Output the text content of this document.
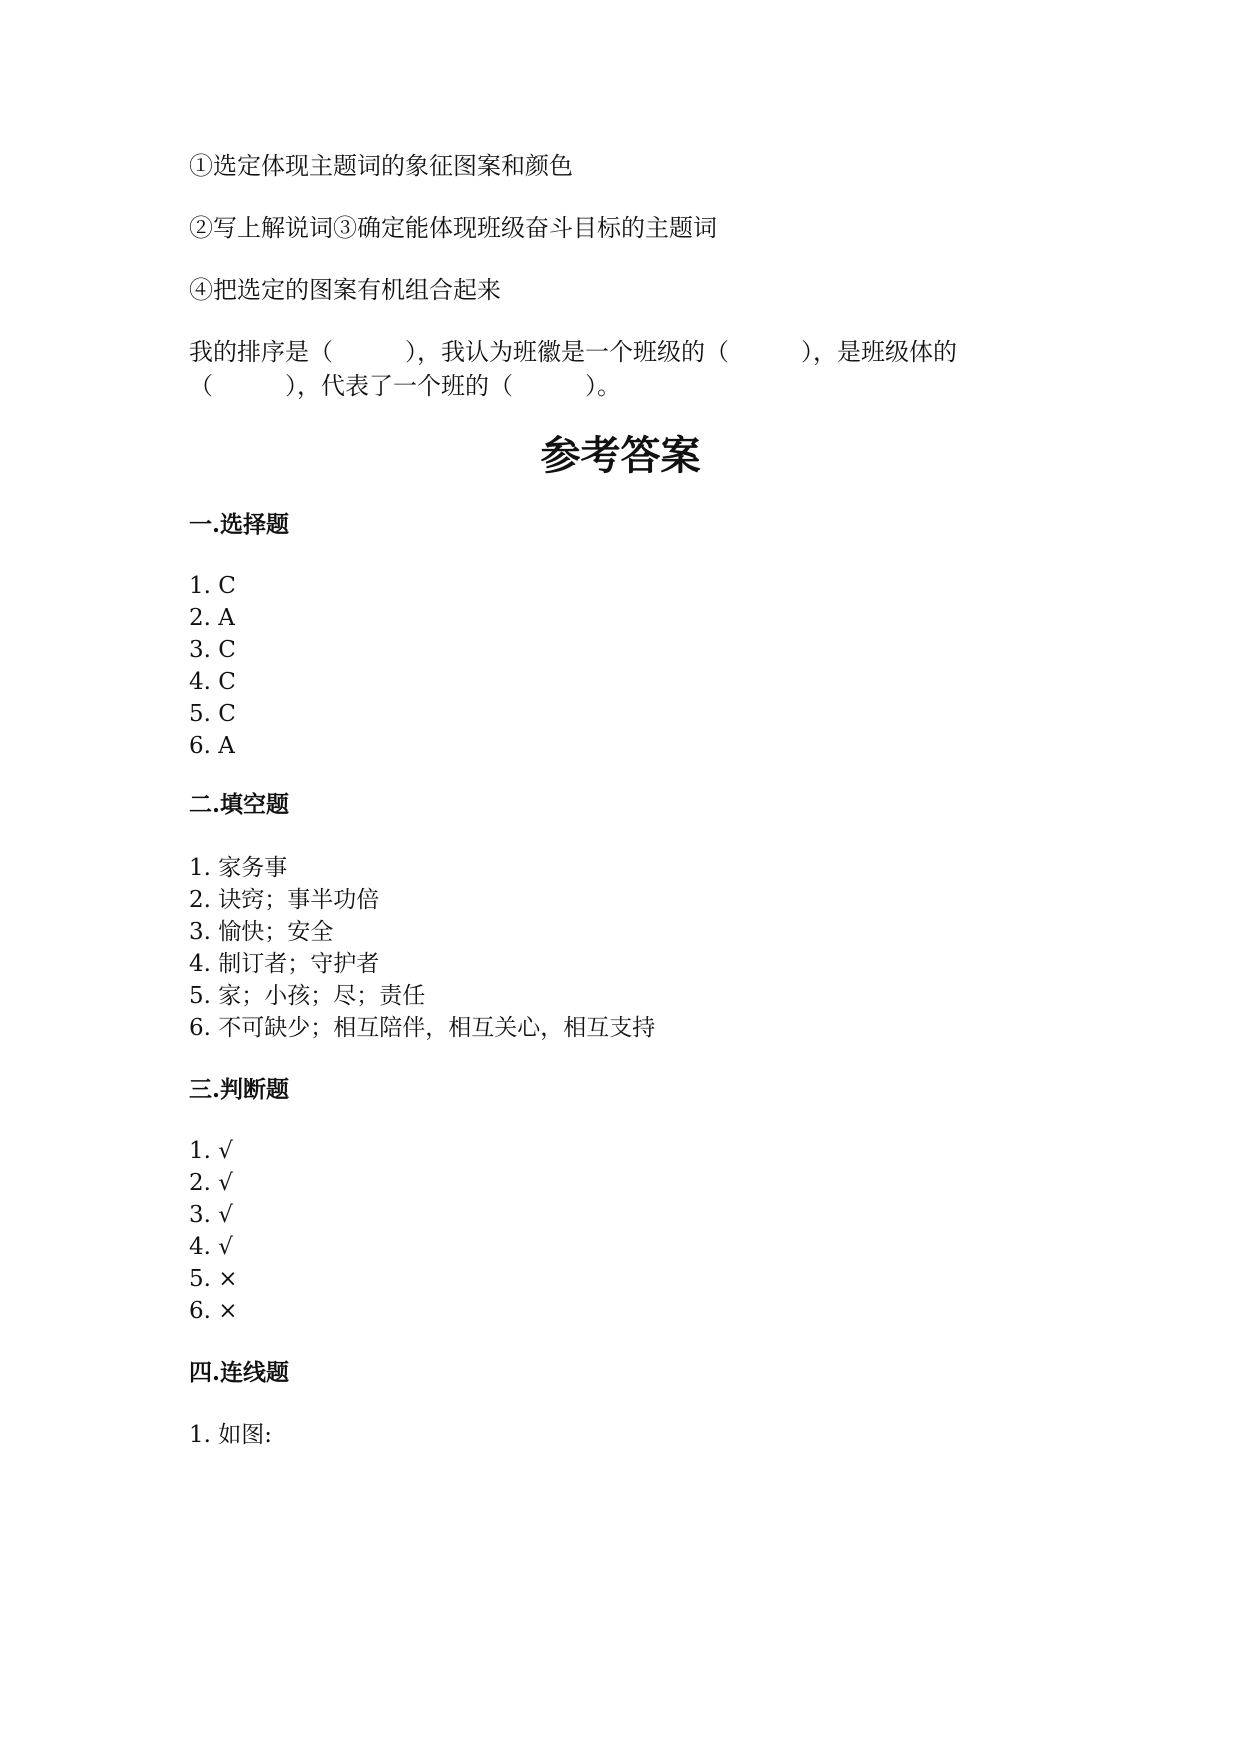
①选定体现主题词的象征图案和颜色
②写上解说词③确定能体现班级奋斗目标的主题词
④把选定的图案有机组合起来
我的排序是（　　　），我认为班徽是一个班级的（　　　），是班级体的
（　　　），代表了一个班的（　　　）。
参考答案
一.选择题
1. C
2. A
3. C
4. C
5. C
6. A
二.填空题
1. 家务事
2. 诀窍；事半功倍
3. 愉快；安全
4. 制订者；守护者
5. 家；小孩；尽；责任
6. 不可缺少；相互陪伴，相互关心，相互支持
三.判断题
1. √
2. √
3. √
4. √
5. ×
6. ×
四.连线题
1. 如图:
